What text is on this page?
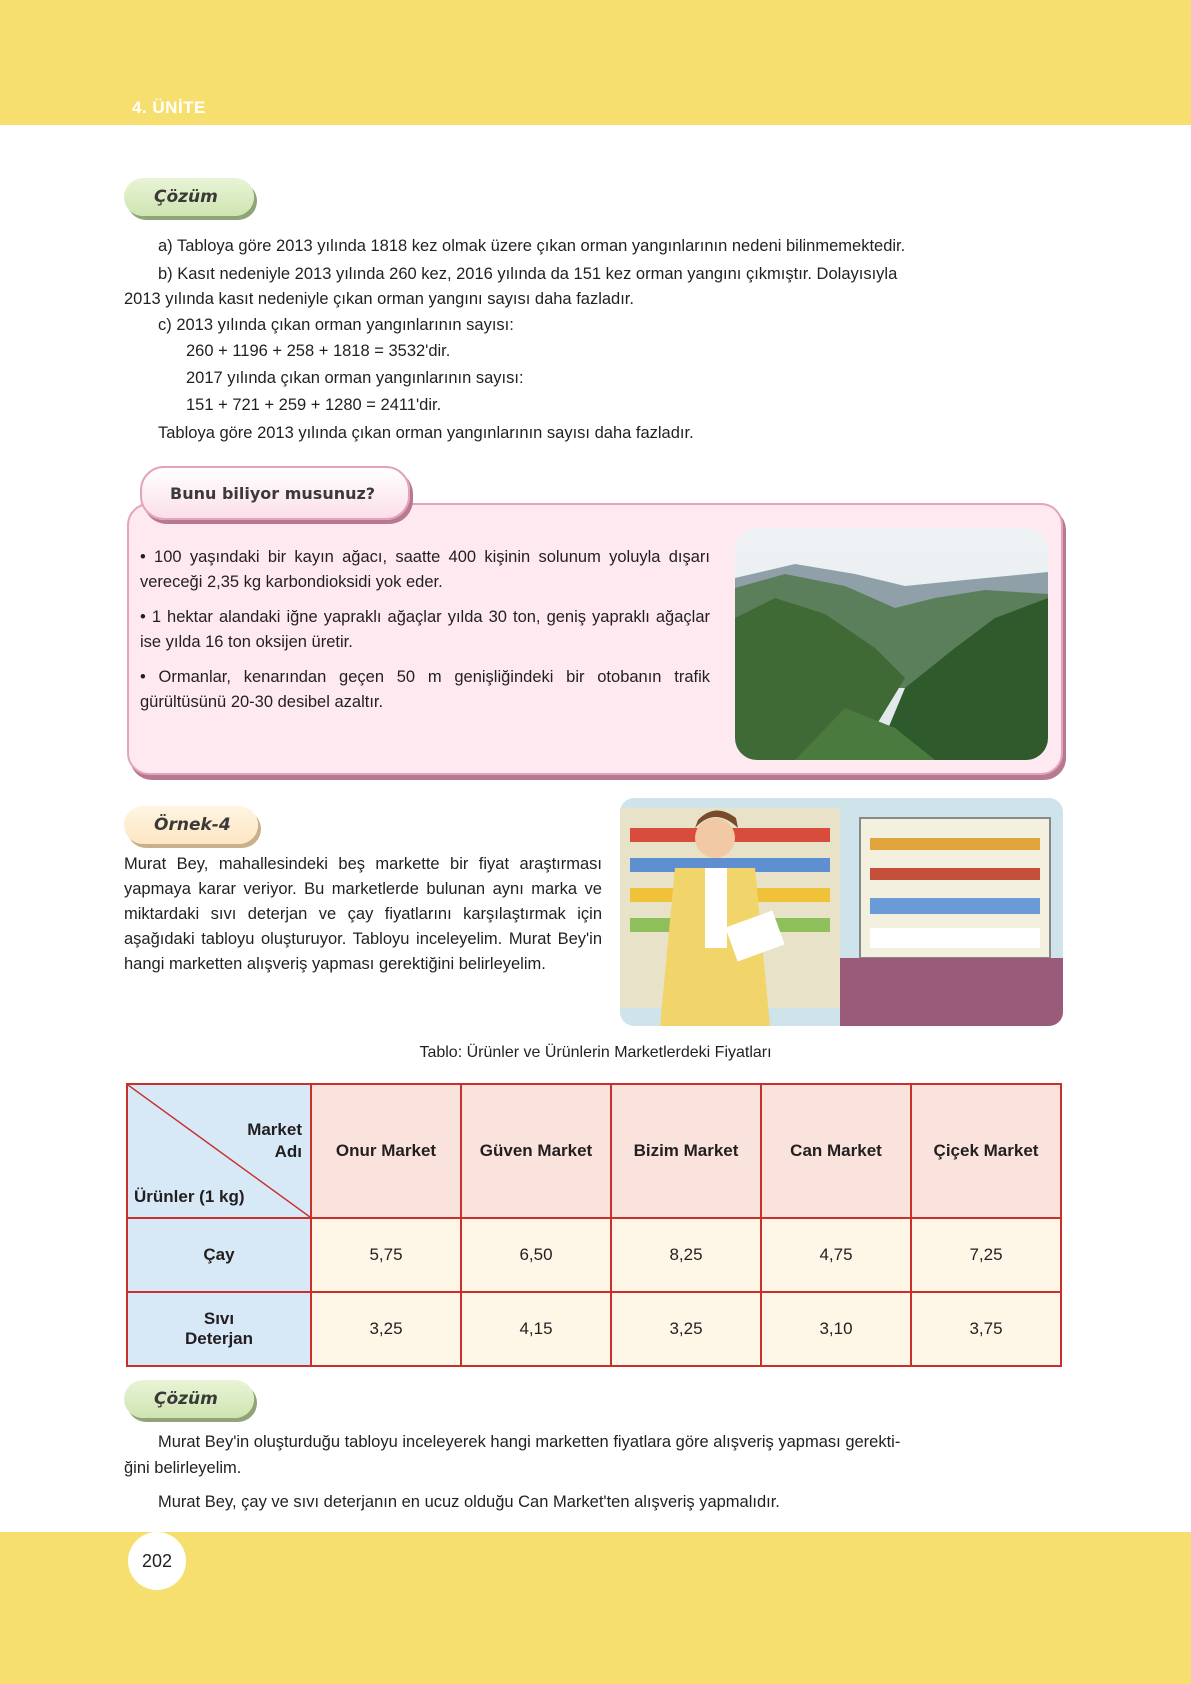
4. ÜNİTE
Çözüm
a) Tabloya göre 2013 yılında 1818 kez olmak üzere çıkan orman yangınlarının nedeni bilinmemektedir.
b) Kasıt nedeniyle 2013 yılında 260 kez, 2016 yılında da 151 kez orman yangını çıkmıştır. Dolayısıyla
2013 yılında kasıt nedeniyle çıkan orman yangını sayısı daha fazladır.
c) 2013 yılında çıkan orman yangınlarının sayısı:
260 + 1196 + 258 + 1818 = 3532'dir.
2017 yılında çıkan orman yangınlarının sayısı:
151 + 721 + 259 + 1280 = 2411'dir.
Tabloya göre 2013 yılında çıkan orman yangınlarının sayısı daha fazladır.
Bunu biliyor musunuz?
• 100 yaşındaki bir kayın ağacı, saatte 400 kişinin solunum yoluyla dışarı vereceği 2,35 kg karbondioksidi yok eder.
• 1 hektar alandaki iğne yapraklı ağaçlar yılda 30 ton, geniş yapraklı ağaçlar ise yılda 16 ton oksijen üretir.
• Ormanlar, kenarından geçen 50 m genişliğindeki bir otobanın trafik gürültüsünü 20-30 desibel azaltır.
Örnek-4
Murat Bey, mahallesindeki beş markette bir fiyat araştırması yapmaya karar veriyor. Bu marketlerde bulunan aynı marka ve miktardaki sıvı deterjan ve çay fiyatlarını karşılaştırmak için aşağıdaki tabloyu oluşturuyor. Tabloyu inceleyelim. Murat Bey'in hangi marketten alışveriş yapması gerektiğini belirleyelim.
Tablo: Ürünler ve Ürünlerin Marketlerdeki Fiyatları
Market
Adı
Ürünler (1 kg)	Onur Market	Güven Market	Bizim Market	Can Market	Çiçek Market
Çay	5,75	6,50	8,25	4,75	7,25

Sıvı
Deterjan	3,25	4,15	3,25	3,10	3,75
Çözüm
Murat Bey'in oluşturduğu tabloyu inceleyerek hangi marketten fiyatlara göre alışveriş yapması gerekti-
ğini belirleyelim.
Murat Bey, çay ve sıvı deterjanın en ucuz olduğu Can Market'ten alışveriş yapmalıdır.
202
